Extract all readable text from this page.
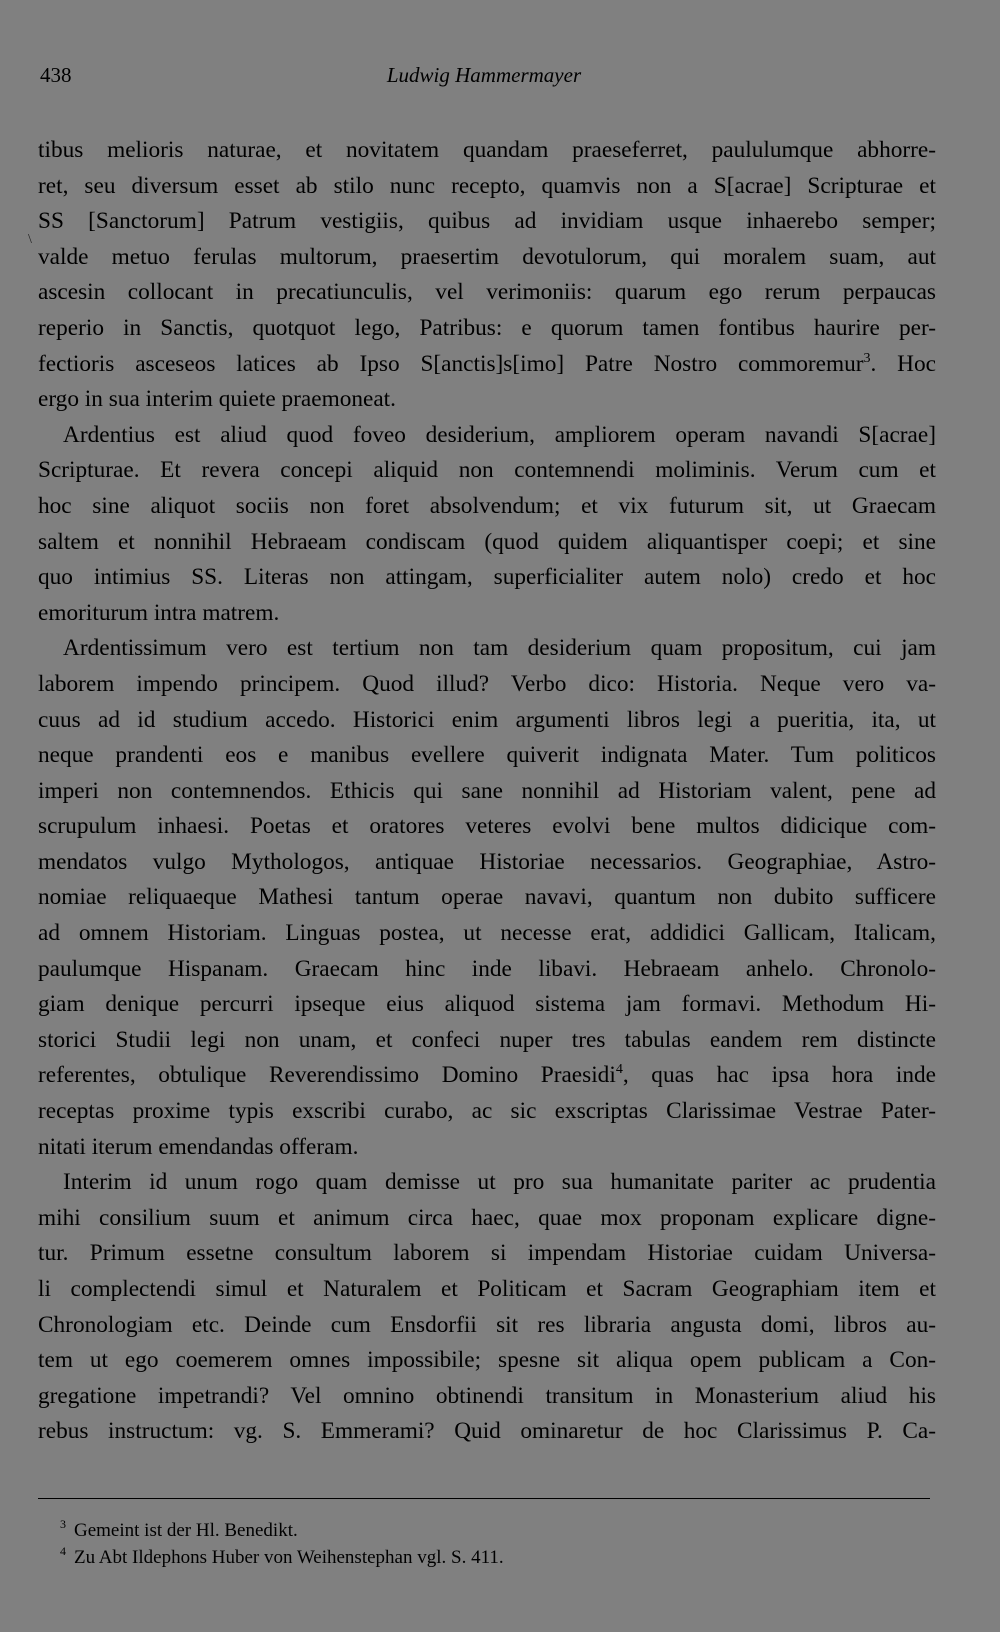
438	Ludwig Hammermayer
\
tibus melioris naturae, et novitatem quandam praeseferret, paululumque abhorre-
ret, seu diversum esset ab stilo nunc recepto, quamvis non a S[acrae] Scripturae et
SS [Sanctorum] Patrum vestigiis, quibus ad invidiam usque inhaerebo semper;
valde metuo ferulas multorum, praesertim devotulorum, qui moralem suam, aut
ascesin collocant in precatiunculis, vel verimoniis: quarum ego rerum perpaucas
reperio in Sanctis, quotquot lego, Patribus: e quorum tamen fontibus haurire per-
fectioris asceseos latices ab Ipso S[anctis]s[imo] Patre Nostro commoremur$^3$. Hoc
ergo in sua interim quiete praemoneat.
Ardentius est aliud quod foveo desiderium, ampliorem operam navandi S[acrae]
Scripturae. Et revera concepi aliquid non contemnendi moliminis. Verum cum et
hoc sine aliquot sociis non foret absolvendum; et vix futurum sit, ut Graecam
saltem et nonnihil Hebraeam condiscam (quod quidem aliquantisper coepi; et sine
quo intimius SS. Literas non attingam, superficialiter autem nolo) credo et hoc
emoriturum intra matrem.
Ardentissimum vero est tertium non tam desiderium quam propositum, cui jam
laborem impendo principem. Quod illud? Verbo dico: Historia. Neque vero va-
cuus ad id studium accedo. Historici enim argumenti libros legi a pueritia, ita, ut
neque prandenti eos e manibus evellere quiverit indignata Mater. Tum politicos
imperi non contemnendos. Ethicis qui sane nonnihil ad Historiam valent, pene ad
scrupulum inhaesi. Poetas et oratores veteres evolvi bene multos didicique com-
mendatos vulgo Mythologos, antiquae Historiae necessarios. Geographiae, Astro-
nomiae reliquaeque Mathesi tantum operae navavi, quantum non dubito sufficere
ad omnem Historiam. Linguas postea, ut necesse erat, addidici Gallicam, Italicam,
paulumque Hispanam. Graecam hinc inde libavi. Hebraeam anhelo. Chronolo-
giam denique percurri ipseque eius aliquod sistema jam formavi. Methodum Hi-
storici Studii legi non unam, et confeci nuper tres tabulas eandem rem distincte
referentes, obtulique Reverendissimo Domino Praesidi$^4$, quas hac ipsa hora inde
receptas proxime typis exscribi curabo, ac sic exscriptas Clarissimae Vestrae Pater-
nitati iterum emendandas offeram.
Interim id unum rogo quam demisse ut pro sua humanitate pariter ac prudentia
mihi consilium suum et animum circa haec, quae mox proponam explicare digne-
tur. Primum essetne consultum laborem si impendam Historiae cuidam Universa-
li complectendi simul et Naturalem et Politicam et Sacram Geographiam item et
Chronologiam etc. Deinde cum Ensdorfii sit res libraria angusta domi, libros au-
tem ut ego coemerem omnes impossibile; spesne sit aliqua opem publicam a Con-
gregatione impetrandi? Vel omnino obtinendi transitum in Monasterium aliud his
rebus instructum: vg. S. Emmerami? Quid ominaretur de hoc Clarissimus P. Ca-
$^3$ Gemeint ist der Hl. Benedikt.
$^4$ Zu Abt Ildephons Huber von Weihenstephan vgl. S. 411.
